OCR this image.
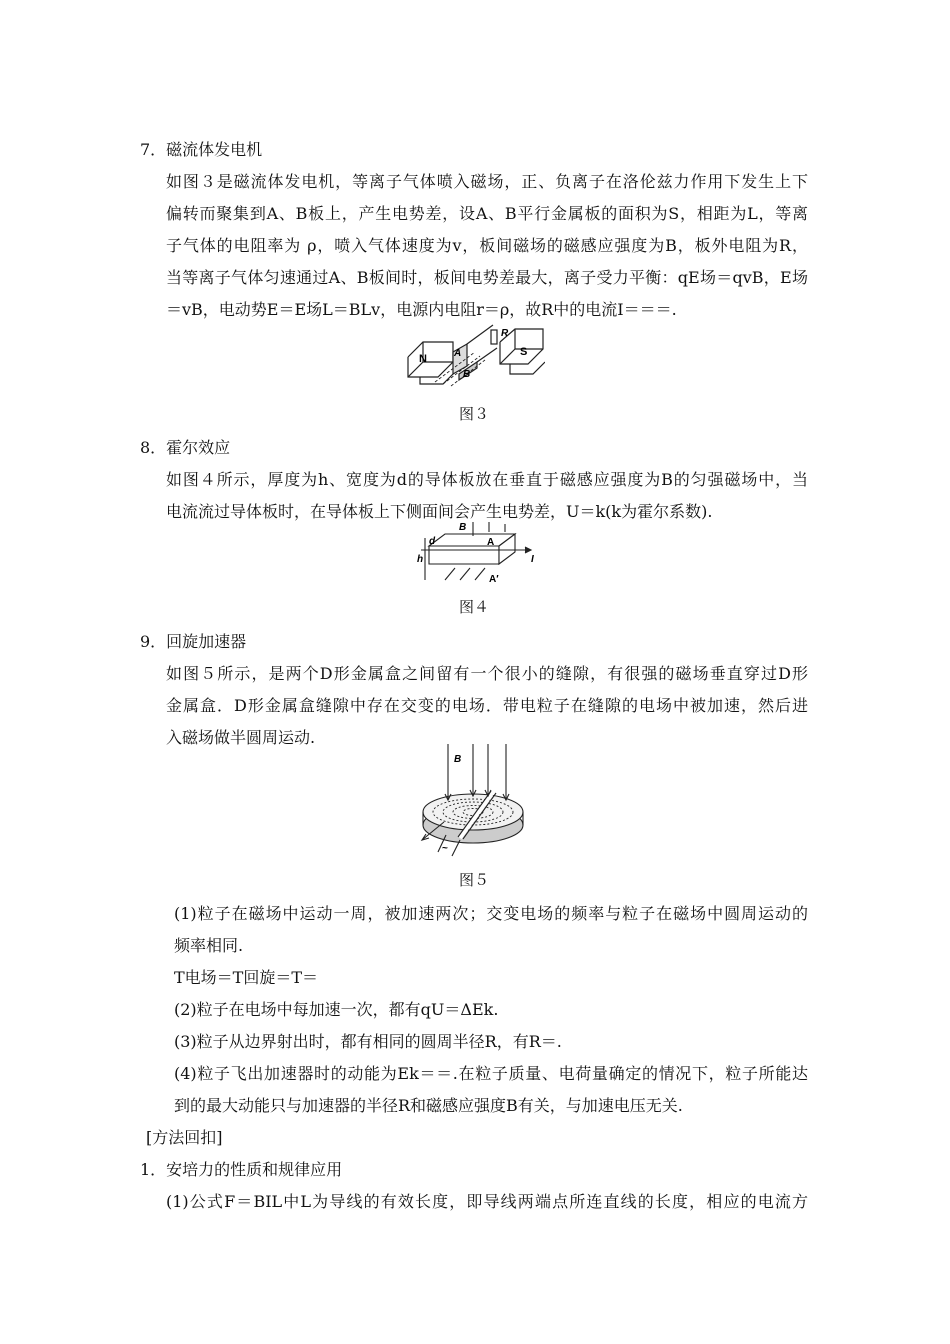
7．磁流体发电机
如图３是磁流体发电机，等离子气体喷入磁场，正、负离子在洛伦兹力作用下发生上下
偏转而聚集到A、B板上，产生电势差，设A、B平行金属板的面积为S，相距为L，等离
子气体的电阻率为 ρ，喷入气体速度为v，板间磁场的磁感应强度为B，板外电阻为R，
当等离子气体匀速通过A、B板间时，板间电势差最大，离子受力平衡：qE场＝qvB，E场
＝vB，电动势E＝E场L＝BLv，电源内电阻r＝ρ，故R中的电流I＝＝＝.
N
S
A
B
R
图３
8．霍尔效应
如图４所示，厚度为h、宽度为d的导体板放在垂直于磁感应强度为B的匀强磁场中，当
电流流过导体板时，在导体板上下侧面间会产生电势差，U＝k(k为霍尔系数).
B
A
A′
d
h	I
图４
9．回旋加速器
如图５所示，是两个D形金属盒之间留有一个很小的缝隙，有很强的磁场垂直穿过D形
金属盒．D形金属盒缝隙中存在交变的电场．带电粒子在缝隙的电场中被加速，然后进
入磁场做半圆周运动.
B
~
图５
(1)粒子在磁场中运动一周，被加速两次；交变电场的频率与粒子在磁场中圆周运动的
频率相同.
T电场＝T回旋＝T＝
(2)粒子在电场中每加速一次，都有qU＝ΔEk.
(3)粒子从边界射出时，都有相同的圆周半径R，有R＝.
(4)粒子飞出加速器时的动能为Ek＝＝.在粒子质量、电荷量确定的情况下，粒子所能达
到的最大动能只与加速器的半径R和磁感应强度B有关，与加速电压无关.
[方法回扣]
1．安培力的性质和规律应用
(1)公式F＝BIL中L为导线的有效长度，即导线两端点所连直线的长度，相应的电流方
